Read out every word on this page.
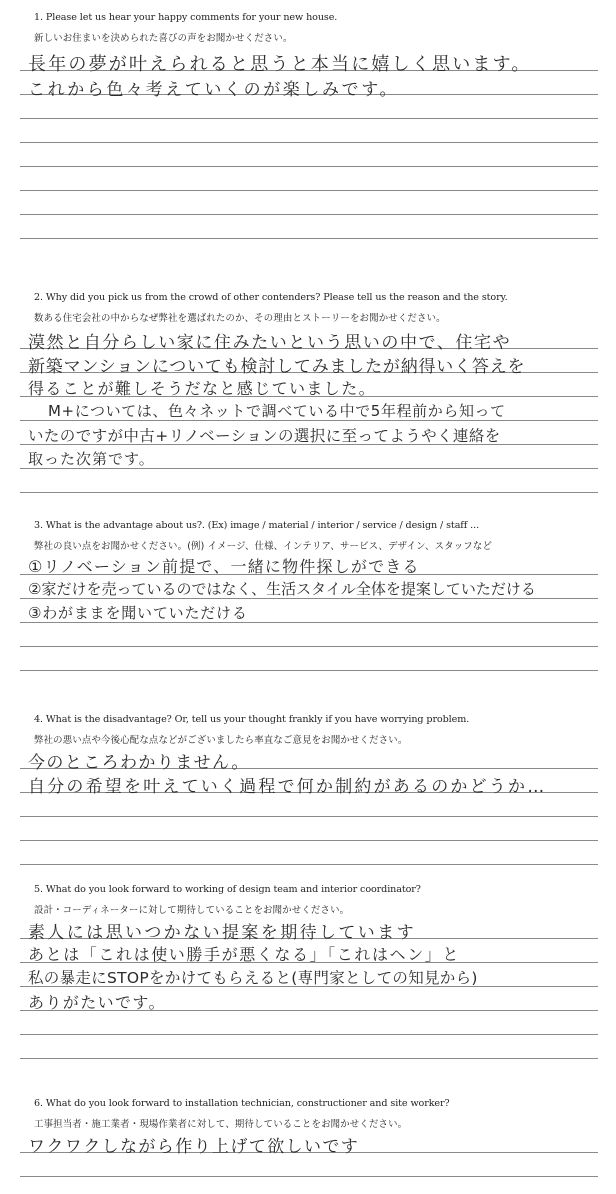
1. Please let us hear your happy comments for your new house.
新しいお住まいを決められた喜びの声をお聞かせください。
長年の夢が叶えられると思うと本当に嬉しく思います。
これから色々考えていくのが楽しみです。
2. Why did you pick us from the crowd of other contenders? Please tell us the reason and the story.
数ある住宅会社の中からなぜ弊社を選ばれたのか、その理由とストーリーをお聞かせください。
漠然と自分らしい家に住みたいという思いの中で、住宅や
新築マンションについても検討してみましたが納得いく答えを
得ることが難しそうだなと感じていました。
M+については、色々ネットで調べている中で5年程前から知って
いたのですが中古+リノベーションの選択に至ってようやく連絡を
取った次第です。
3. What is the advantage about us?. (Ex) image / material / interior / service / design / staff ...
弊社の良い点をお聞かせください。(例) イメージ、仕様、インテリア、サービス、デザイン、スタッフなど
①リノベーション前提で、一緒に物件探しができる
②家だけを売っているのではなく、生活スタイル全体を提案していただける
③わがままを聞いていただける
4. What is the disadvantage? Or, tell us your thought frankly if you have worrying problem.
弊社の悪い点や今後心配な点などがございましたら率直なご意見をお聞かせください。
今のところわかりません。
自分の希望を叶えていく過程で何か制約があるのかどうか…
5. What do you look forward to working of design team and interior coordinator?
設計・コーディネーターに対して期待していることをお聞かせください。
素人には思いつかない提案を期待しています
あとは「これは使い勝手が悪くなる」「これはヘン」と
私の暴走にSTOPをかけてもらえると(専門家としての知見から)
ありがたいです。
6. What do you look forward to installation technician, constructioner and site worker?
工事担当者・施工業者・現場作業者に対して、期待していることをお聞かせください。
ワクワクしながら作り上げて欲しいです
